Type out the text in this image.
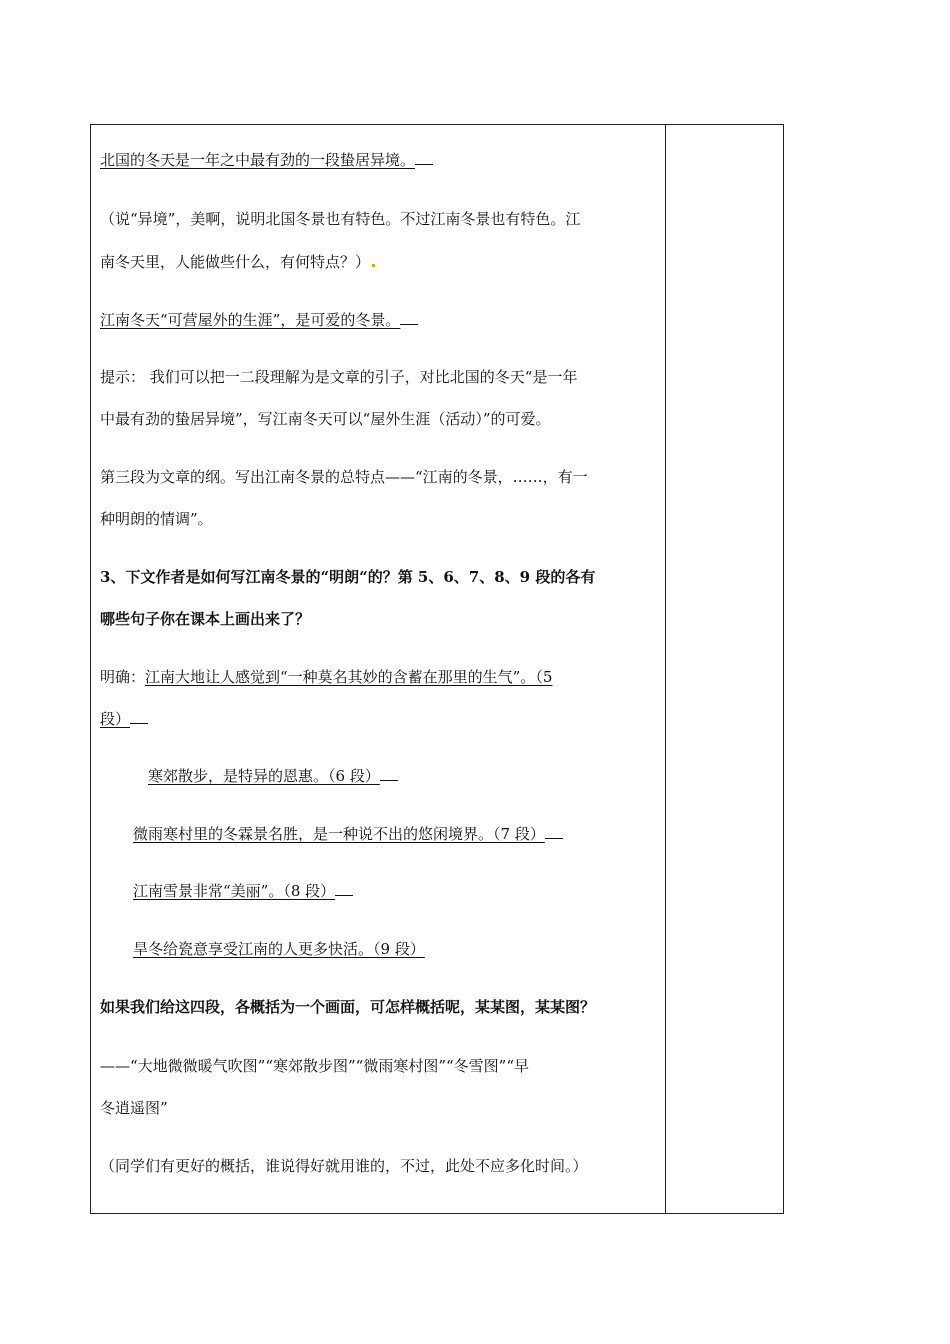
北国的冬天是一年之中最有劲的一段蛰居异境。
（说“异境”，美啊，说明北国冬景也有特色。不过江南冬景也有特色。江
南冬天里，人能做些什么，有何特点？）
江南冬天“可营屋外的生涯”，是可爱的冬景。
提示： 我们可以把一二段理解为是文章的引子，对比北国的冬天“是一年
中最有劲的蛰居异境”，写江南冬天可以“屋外生涯（活动）”的可爱。
第三段为文章的纲。写出江南冬景的总特点——“江南的冬景，……，有一
种明朗的情调”。
3、下文作者是如何写江南冬景的“明朗“的？第 5、6、7、8、9 段的各有
哪些句子你在课本上画出来了？
明确：江南大地让人感觉到“一种莫名其妙的含蓄在那里的生气”。（5
段）
寒郊散步，是特异的恩惠。（6 段）
微雨寒村里的冬霖景名胜，是一种说不出的悠闲境界。（7 段）
江南雪景非常“美丽”。（8 段）
旱冬给瓷意享受江南的人更多快活。（9 段）
如果我们给这四段，各概括为一个画面，可怎样概括呢，某某图，某某图？
——“大地微微暖气吹图”“寒郊散步图”“微雨寒村图”“冬雪图”“早
冬逍遥图”
（同学们有更好的概括，谁说得好就用谁的，不过，此处不应多化时间。）
